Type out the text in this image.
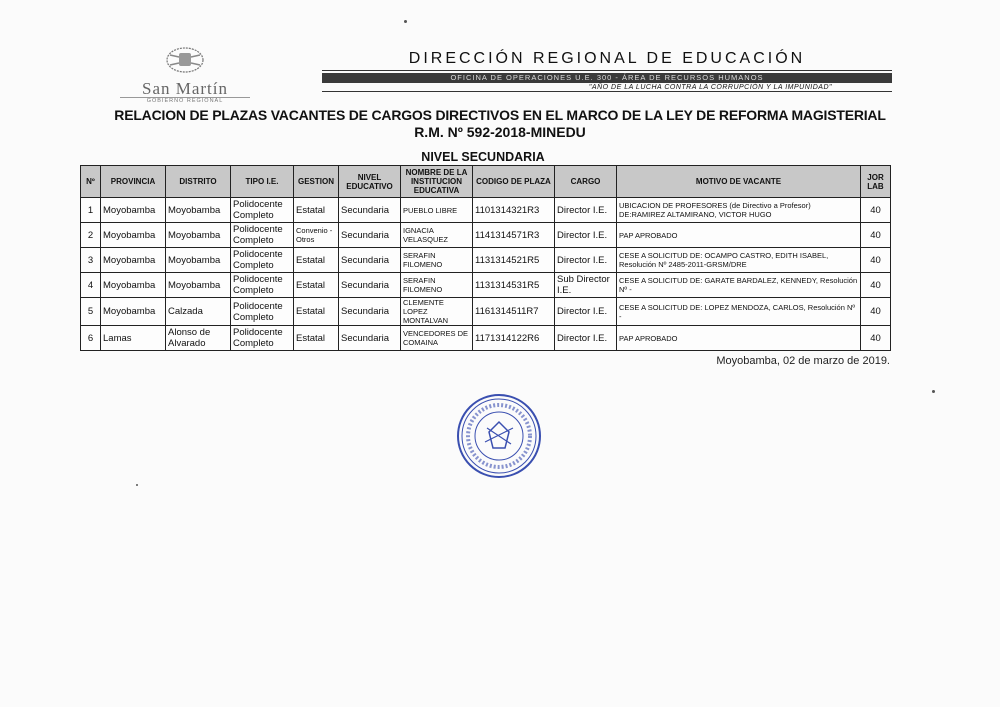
San Martín
GOBIERNO REGIONAL
DIRECCIÓN REGIONAL DE EDUCACIÓN
OFICINA DE OPERACIONES U.E. 300 - ÁREA DE RECURSOS HUMANOS
"AÑO DE LA LUCHA CONTRA LA CORRUPCIÓN Y LA IMPUNIDAD"
RELACION DE PLAZAS VACANTES DE CARGOS DIRECTIVOS EN EL MARCO DE LA LEY DE REFORMA MAGISTERIAL
R.M. Nº 592-2018-MINEDU
NIVEL SECUNDARIA
Nº	PROVINCIA	DISTRITO	TIPO I.E.	GESTION	NIVEL EDUCATIVO	NOMBRE DE LA INSTITUCION EDUCATIVA	CODIGO DE PLAZA	CARGO	MOTIVO DE VACANTE	JOR LAB
1	Moyobamba	Moyobamba	Polidocente Completo	Estatal	Secundaria	PUEBLO LIBRE	1101314321R3	Director I.E.	UBICACION DE PROFESORES (de Directivo a Profesor) DE:RAMIREZ ALTAMIRANO, VICTOR HUGO	40
2	Moyobamba	Moyobamba	Polidocente Completo	Convenio - Otros	Secundaria	IGNACIA VELASQUEZ	1141314571R3	Director I.E.	PAP APROBADO	40
3	Moyobamba	Moyobamba	Polidocente Completo	Estatal	Secundaria	SERAFIN FILOMENO	1131314521R5	Director I.E.	CESE A SOLICITUD DE: OCAMPO CASTRO, EDITH ISABEL, Resolución Nº 2485-2011-GRSM/DRE	40
4	Moyobamba	Moyobamba	Polidocente Completo	Estatal	Secundaria	SERAFIN FILOMENO	1131314531R5	Sub Director I.E.	CESE A SOLICITUD DE: GARATE BARDALEZ, KENNEDY, Resolución Nº -	40
5	Moyobamba	Calzada	Polidocente Completo	Estatal	Secundaria	CLEMENTE LOPEZ MONTALVAN	1161314511R7	Director I.E.	CESE A SOLICITUD DE: LOPEZ MENDOZA, CARLOS, Resolución Nº -	40
6	Lamas	Alonso de Alvarado	Polidocente Completo	Estatal	Secundaria	VENCEDORES DE COMAINA	1171314122R6	Director I.E.	PAP APROBADO	40
Moyobamba, 02 de marzo de 2019.
